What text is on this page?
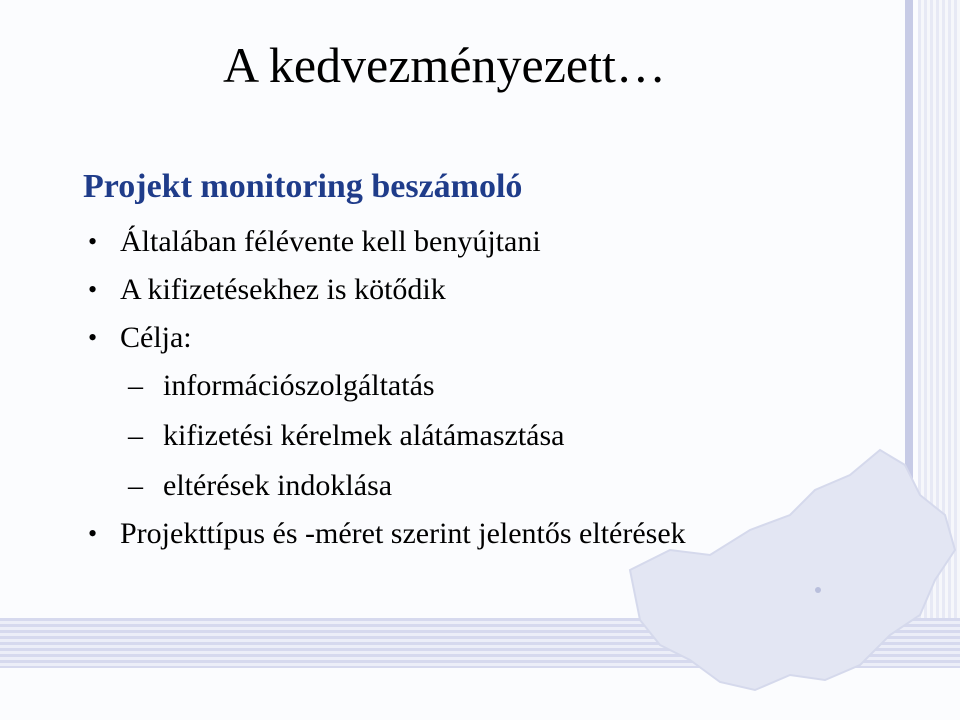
A kedvezményezett…
Projekt monitoring beszámoló
• Általában félévente kell benyújtani
• A kifizetésekhez is kötődik
• Célja:
– információszolgáltatás
– kifizetési kérelmek alátámasztása
– eltérések indoklása
• Projekttípus és -méret szerint jelentős eltérések
